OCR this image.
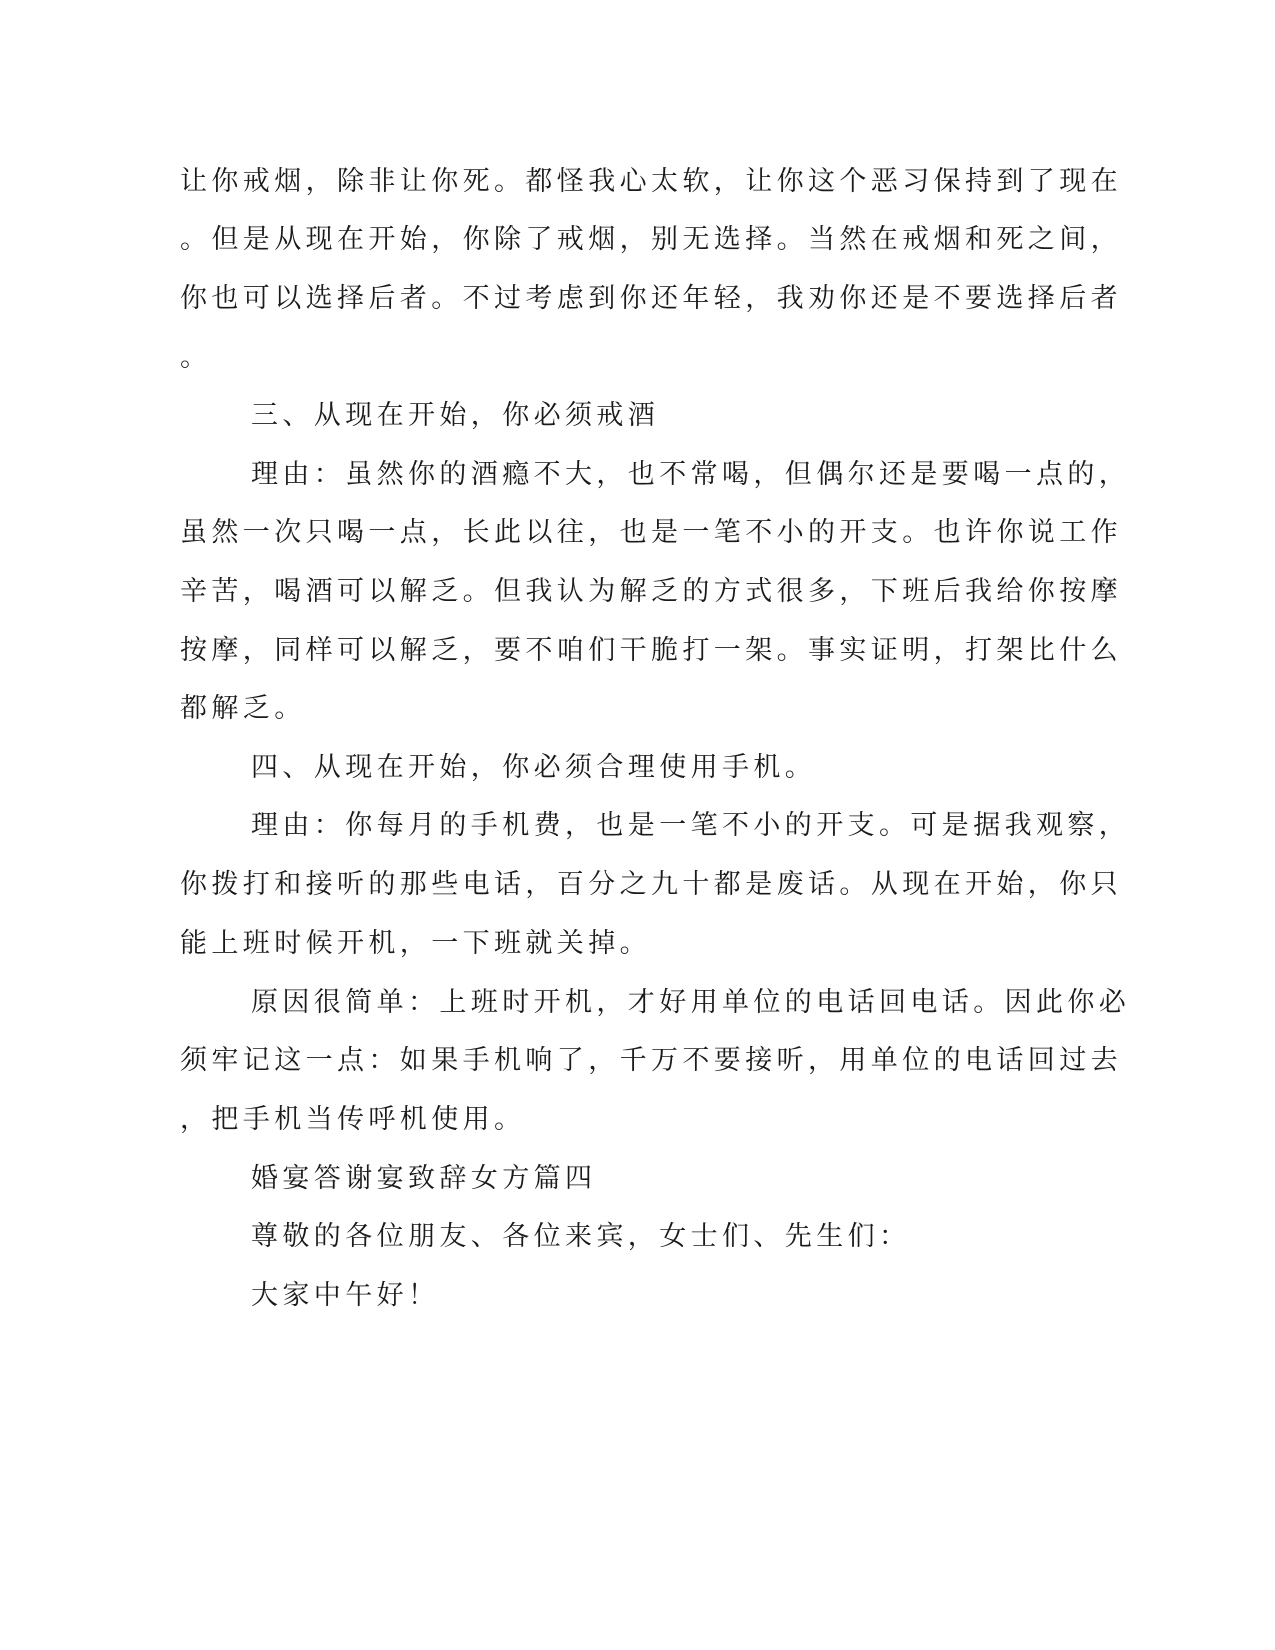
让你戒烟，除非让你死。都怪我心太软，让你这个恶习保持到了现在
。但是从现在开始，你除了戒烟，别无选择。当然在戒烟和死之间，
你也可以选择后者。不过考虑到你还年轻，我劝你还是不要选择后者
。
三、从现在开始，你必须戒酒
理由：虽然你的酒瘾不大，也不常喝，但偶尔还是要喝一点的，
虽然一次只喝一点，长此以往，也是一笔不小的开支。也许你说工作
辛苦，喝酒可以解乏。但我认为解乏的方式很多，下班后我给你按摩
按摩，同样可以解乏，要不咱们干脆打一架。事实证明，打架比什么
都解乏。
四、从现在开始，你必须合理使用手机。
理由：你每月的手机费，也是一笔不小的开支。可是据我观察，
你拨打和接听的那些电话，百分之九十都是废话。从现在开始，你只
能上班时候开机，一下班就关掉。
原因很简单：上班时开机，才好用单位的电话回电话。因此你必
须牢记这一点：如果手机响了，千万不要接听，用单位的电话回过去
，把手机当传呼机使用。
婚宴答谢宴致辞女方篇四
尊敬的各位朋友、各位来宾，女士们、先生们：
大家中午好！
